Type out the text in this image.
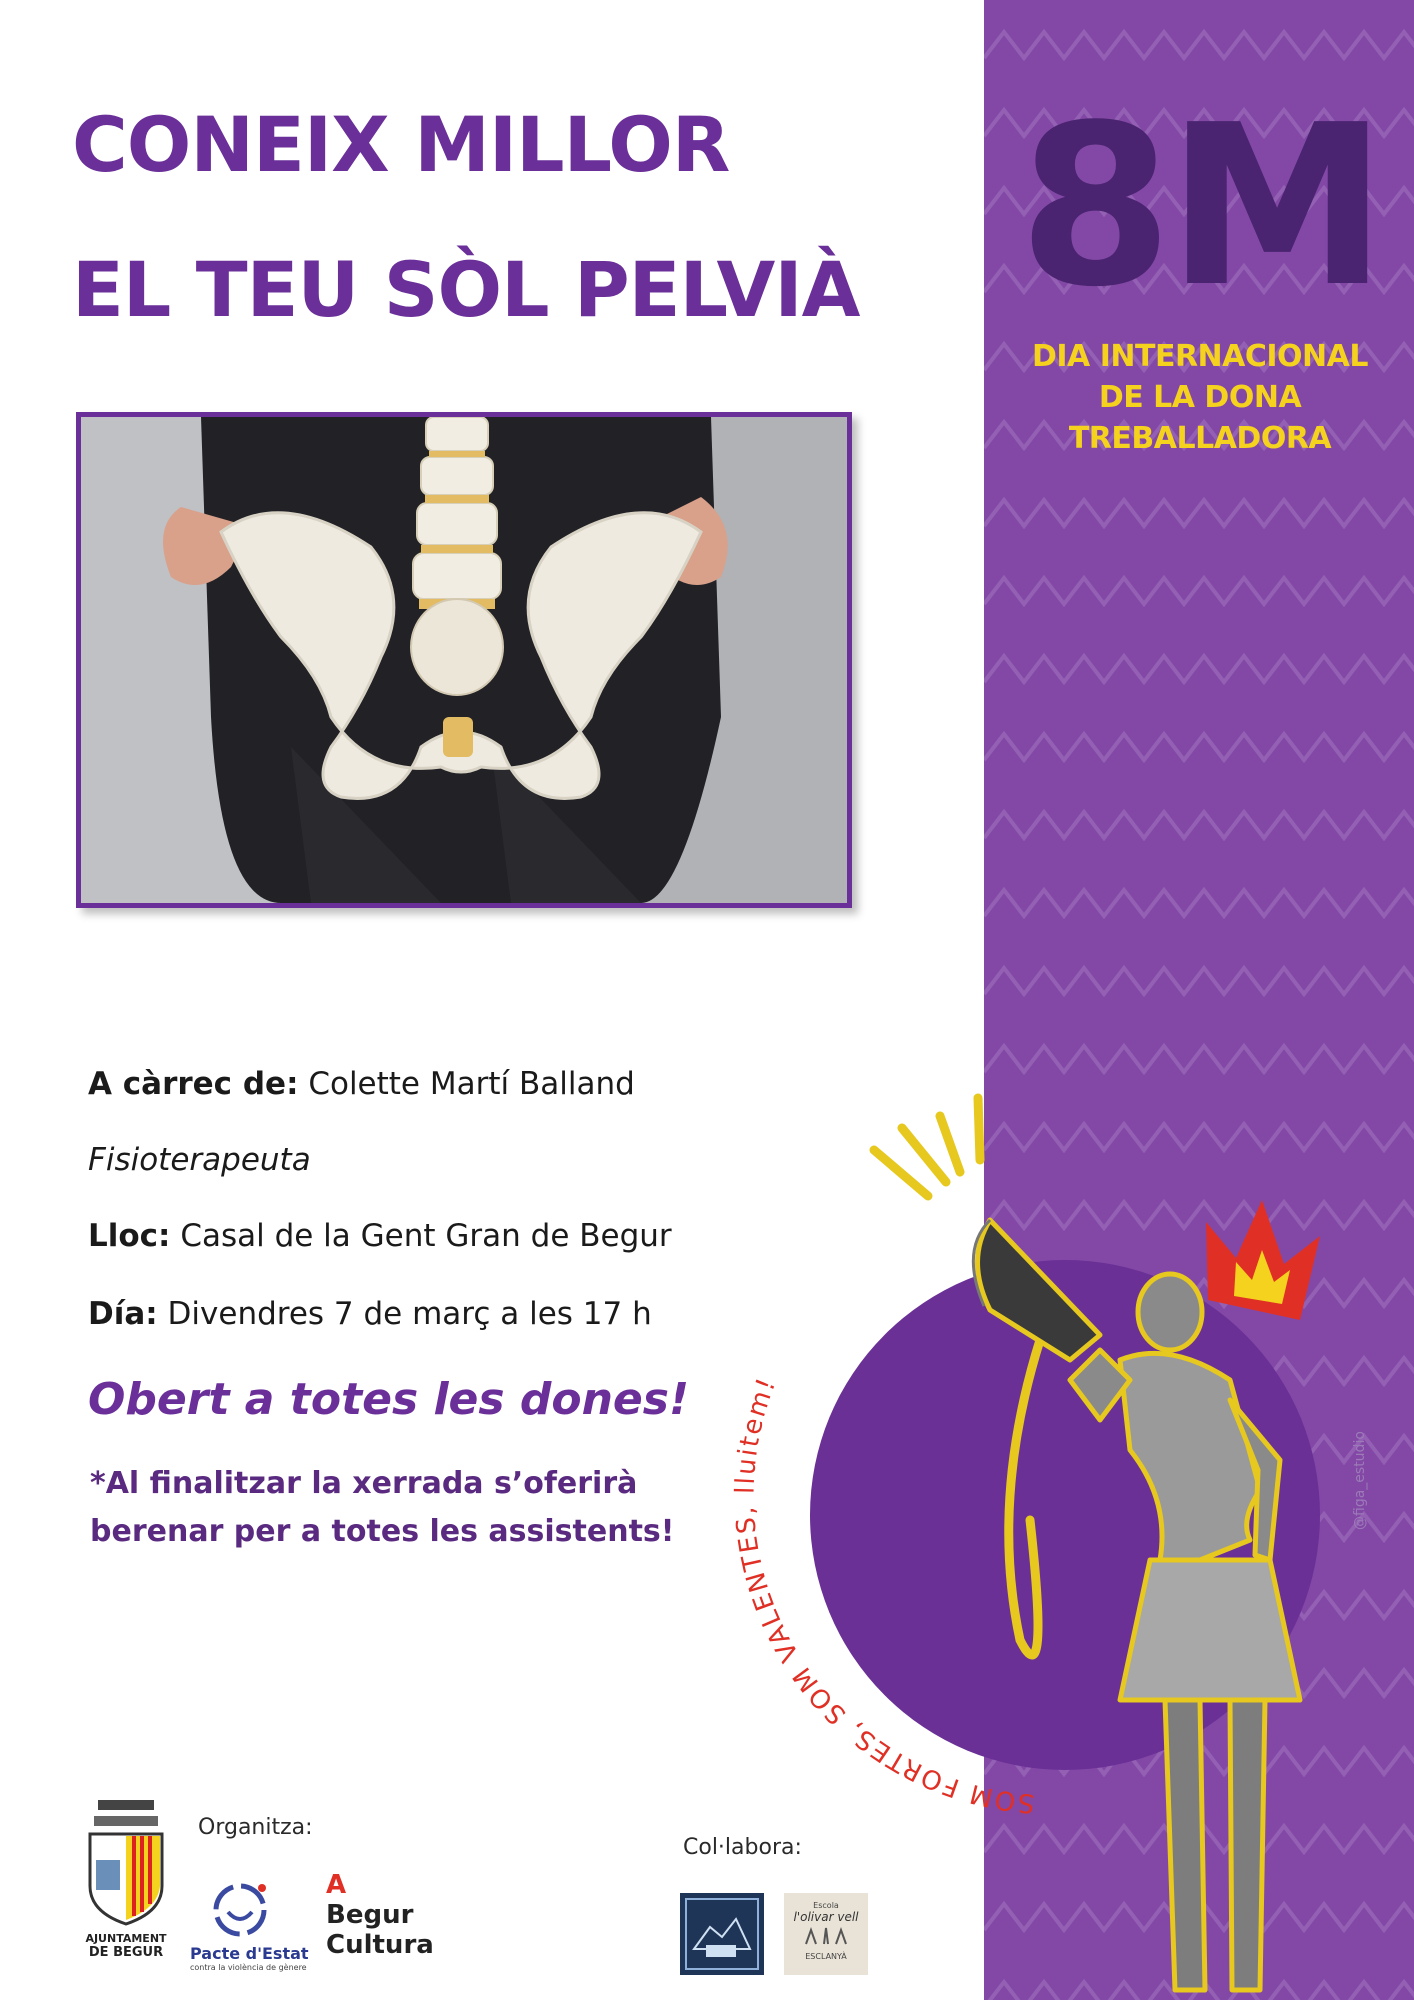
CONEIX MILLOR
EL TEU SÒL PELVIÀ 8M
DIA INTERNACIONAL
DE LA DONA
TREBALLADORA
A càrrec de: Colette Martí Balland
Fisioterapeuta
Lloc: Casal de la Gent Gran de Begur
Día: Divendres 7 de març a les 17 h
Obert a totes les dones!
*Al finalitzar la xerrada s’oferirà
berenar per a totes les assistents!
SOM FORTES, SOM VALENTES, lluitem!
@figa_estudio
Organitza:
Col·labora:
AJUNTAMENT
DE BEGUR	Pacte d'Estat
contra la violència de gènere
A
Begur
Cultura
Escola
l'olivar vell
ESCLANYÀ
